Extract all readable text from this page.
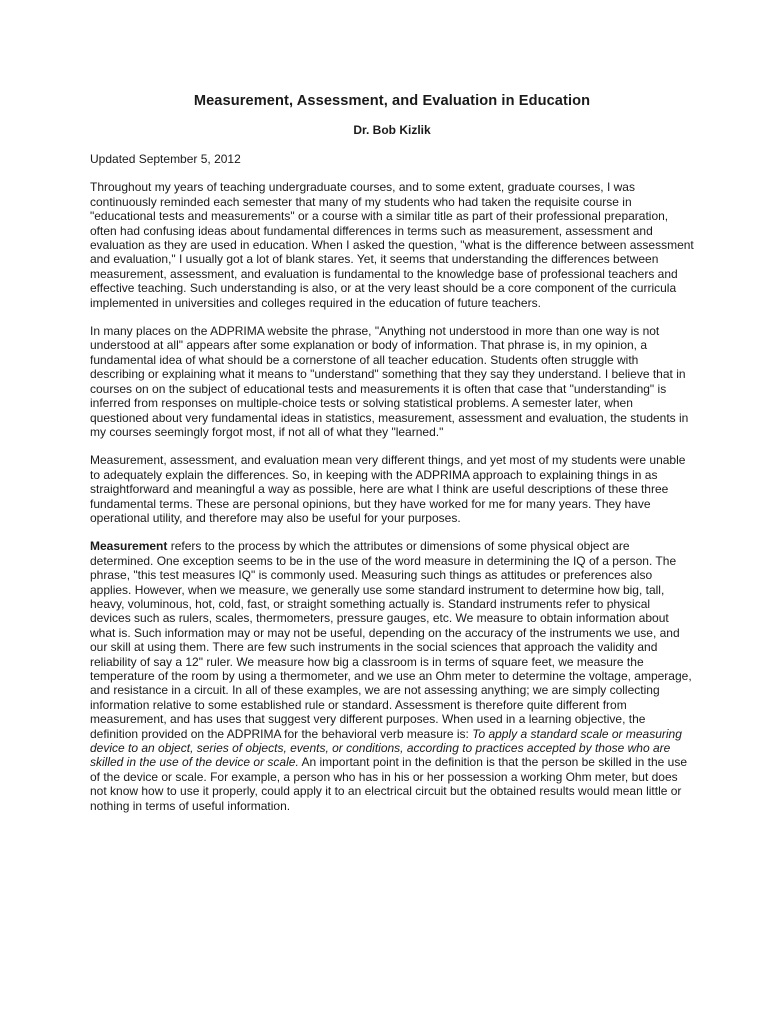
Measurement, Assessment, and Evaluation in Education

Dr. Bob Kizlik

Updated September 5, 2012

Throughout my years of teaching undergraduate courses, and to some extent, graduate courses, I was continuously reminded each semester that many of my students who had taken the requisite course in "educational tests and measurements" or a course with a similar title as part of their professional preparation, often had confusing ideas about fundamental differences in terms such as measurement, assessment and evaluation as they are used in education. When I asked the question, "what is the difference between assessment and evaluation," I usually got a lot of blank stares. Yet, it seems that understanding the differences between measurement, assessment, and evaluation is fundamental to the knowledge base of professional teachers and effective teaching. Such understanding is also, or at the very least should be a core component of the curricula implemented in universities and colleges required in the education of future teachers.

In many places on the ADPRIMA website the phrase, "Anything not understood in more than one way is not understood at all" appears after some explanation or body of information. That phrase is, in my opinion, a fundamental idea of what should be a cornerstone of all teacher education. Students often struggle with describing or explaining what it means to "understand" something that they say they understand. I believe that in courses on on the subject of educational tests and measurements it is often that case that "understanding" is inferred from responses on multiple-choice tests or solving statistical problems. A semester later, when questioned about very fundamental ideas in statistics, measurement, assessment and evaluation, the students in my courses seemingly forgot most, if not all of what they "learned."

Measurement, assessment, and evaluation mean very different things, and yet most of my students were unable to adequately explain the differences. So, in keeping with the ADPRIMA approach to explaining things in as straightforward and meaningful a way as possible, here are what I think are useful descriptions of these three fundamental terms. These are personal opinions, but they have worked for me for many years. They have operational utility, and therefore may also be useful for your purposes.

Measurement refers to the process by which the attributes or dimensions of some physical object are determined. One exception seems to be in the use of the word measure in determining the IQ of a person. The phrase, "this test measures IQ" is commonly used. Measuring such things as attitudes or preferences also applies. However, when we measure, we generally use some standard instrument to determine how big, tall, heavy, voluminous, hot, cold, fast, or straight something actually is. Standard instruments refer to physical devices such as rulers, scales, thermometers, pressure gauges, etc. We measure to obtain information about what is. Such information may or may not be useful, depending on the accuracy of the instruments we use, and our skill at using them. There are few such instruments in the social sciences that approach the validity and reliability of say a 12" ruler. We measure how big a classroom is in terms of square feet, we measure the temperature of the room by using a thermometer, and we use an Ohm meter to determine the voltage, amperage, and resistance in a circuit. In all of these examples, we are not assessing anything; we are simply collecting information relative to some established rule or standard. Assessment is therefore quite different from measurement, and has uses that suggest very different purposes. When used in a learning objective, the definition provided on the ADPRIMA for the behavioral verb measure is: To apply a standard scale or measuring device to an object, series of objects, events, or conditions, according to practices accepted by those who are skilled in the use of the device or scale. An important point in the definition is that the person be skilled in the use of the device or scale. For example, a person who has in his or her possession a working Ohm meter, but does not know how to use it properly, could apply it to an electrical circuit but the obtained results would mean little or nothing in terms of useful information.
